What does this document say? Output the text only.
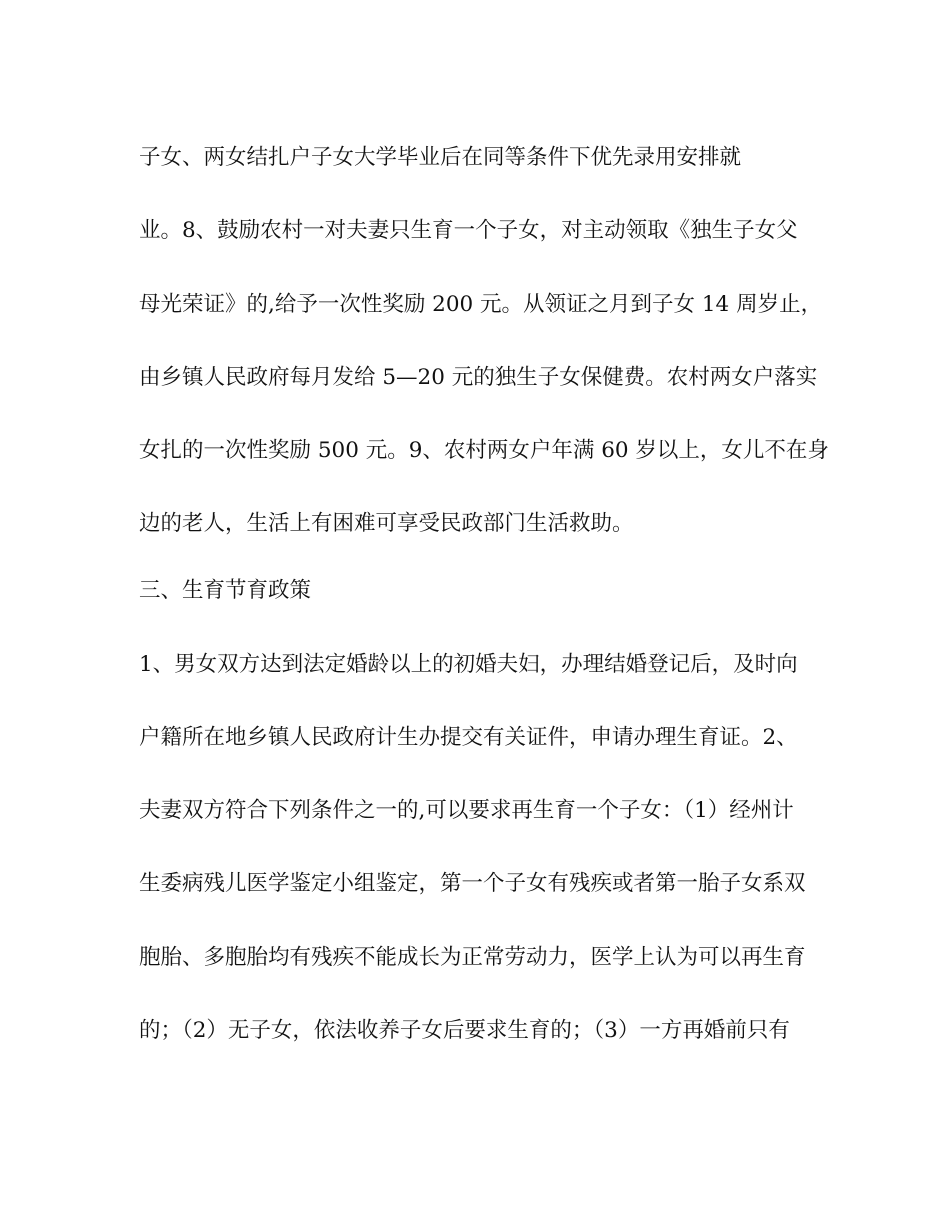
子女、两女结扎户子女大学毕业后在同等条件下优先录用安排就
业。8、鼓励农村一对夫妻只生育一个子女，对主动领取《独生子女父
母光荣证》的,给予一次性奖励 200 元。从领证之月到子女 14 周岁止，
由乡镇人民政府每月发给 5—20 元的独生子女保健费。农村两女户落实
女扎的一次性奖励 500 元。9、农村两女户年满 60 岁以上，女儿不在身
边的老人，生活上有困难可享受民政部门生活救助。
三、生育节育政策
1、男女双方达到法定婚龄以上的初婚夫妇，办理结婚登记后，及时向
户籍所在地乡镇人民政府计生办提交有关证件，申请办理生育证。2、
夫妻双方符合下列条件之一的,可以要求再生育一个子女：（1）经州计
生委病残儿医学鉴定小组鉴定，第一个子女有残疾或者第一胎子女系双
胞胎、多胞胎均有残疾不能成长为正常劳动力，医学上认为可以再生育
的；（2）无子女，依法收养子女后要求生育的；（3）一方再婚前只有
